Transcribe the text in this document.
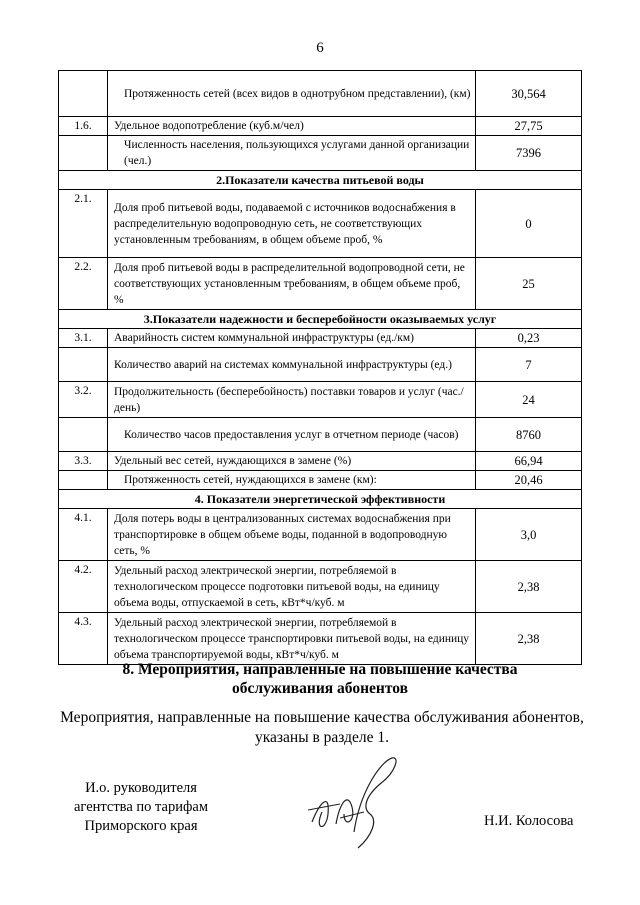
6
	Протяженность сетей (всех видов в однотрубном представлении), (км)	30,564
1.6.	Удельное водопотребление (куб.м/чел)	27,75
	Численность населения, пользующихся услугами данной организации (чел.)	7396
2.Показатели качества питьевой воды		
2.1.	Доля проб питьевой воды, подаваемой с источников водоснабжения в распределительную водопроводную сеть, не соответствующих установленным требованиям, в общем объеме проб, %	0
2.2.	Доля проб питьевой воды в распределительной водопроводной сети, не соответствующих установленным требованиям, в общем объеме проб, %	25
3.Показатели надежности и бесперебойности оказываемых услуг		
3.1.	Аварийность систем коммунальной инфраструктуры (ед./км)	0,23
	Количество аварий на системах коммунальной инфраструктуры (ед.)	7
3.2.	Продолжительность (бесперебойность) поставки товаров и услуг (час./день)	24
	Количество часов предоставления услуг в отчетном периоде (часов)	8760
3.3.	Удельный вес сетей, нуждающихся в замене (%)	66,94
	Протяженность сетей, нуждающихся в замене (км):	20,46
4. Показатели энергетической эффективности		
4.1.	Доля потерь воды в централизованных системах водоснабжения при транспортировке в общем объеме воды, поданной в водопроводную сеть, %	3,0
4.2.	Удельный расход электрической энергии, потребляемой в технологическом процессе подготовки питьевой воды, на единицу объема воды, отпускаемой в сеть, кВт*ч/куб. м	2,38
4.3.	Удельный расход электрической энергии, потребляемой в технологическом процессе транспортировки питьевой воды, на единицу объема транспортируемой воды, кВт*ч/куб. м	2,38
8. Мероприятия, направленные на повышение качества
обслуживания абонентов
Мероприятия, направленные на повышение качества обслуживания абонентов,
указаны в разделе 1.
И.о. руководителя
агентства по тарифам
Приморского края	Н.И. Колосова
